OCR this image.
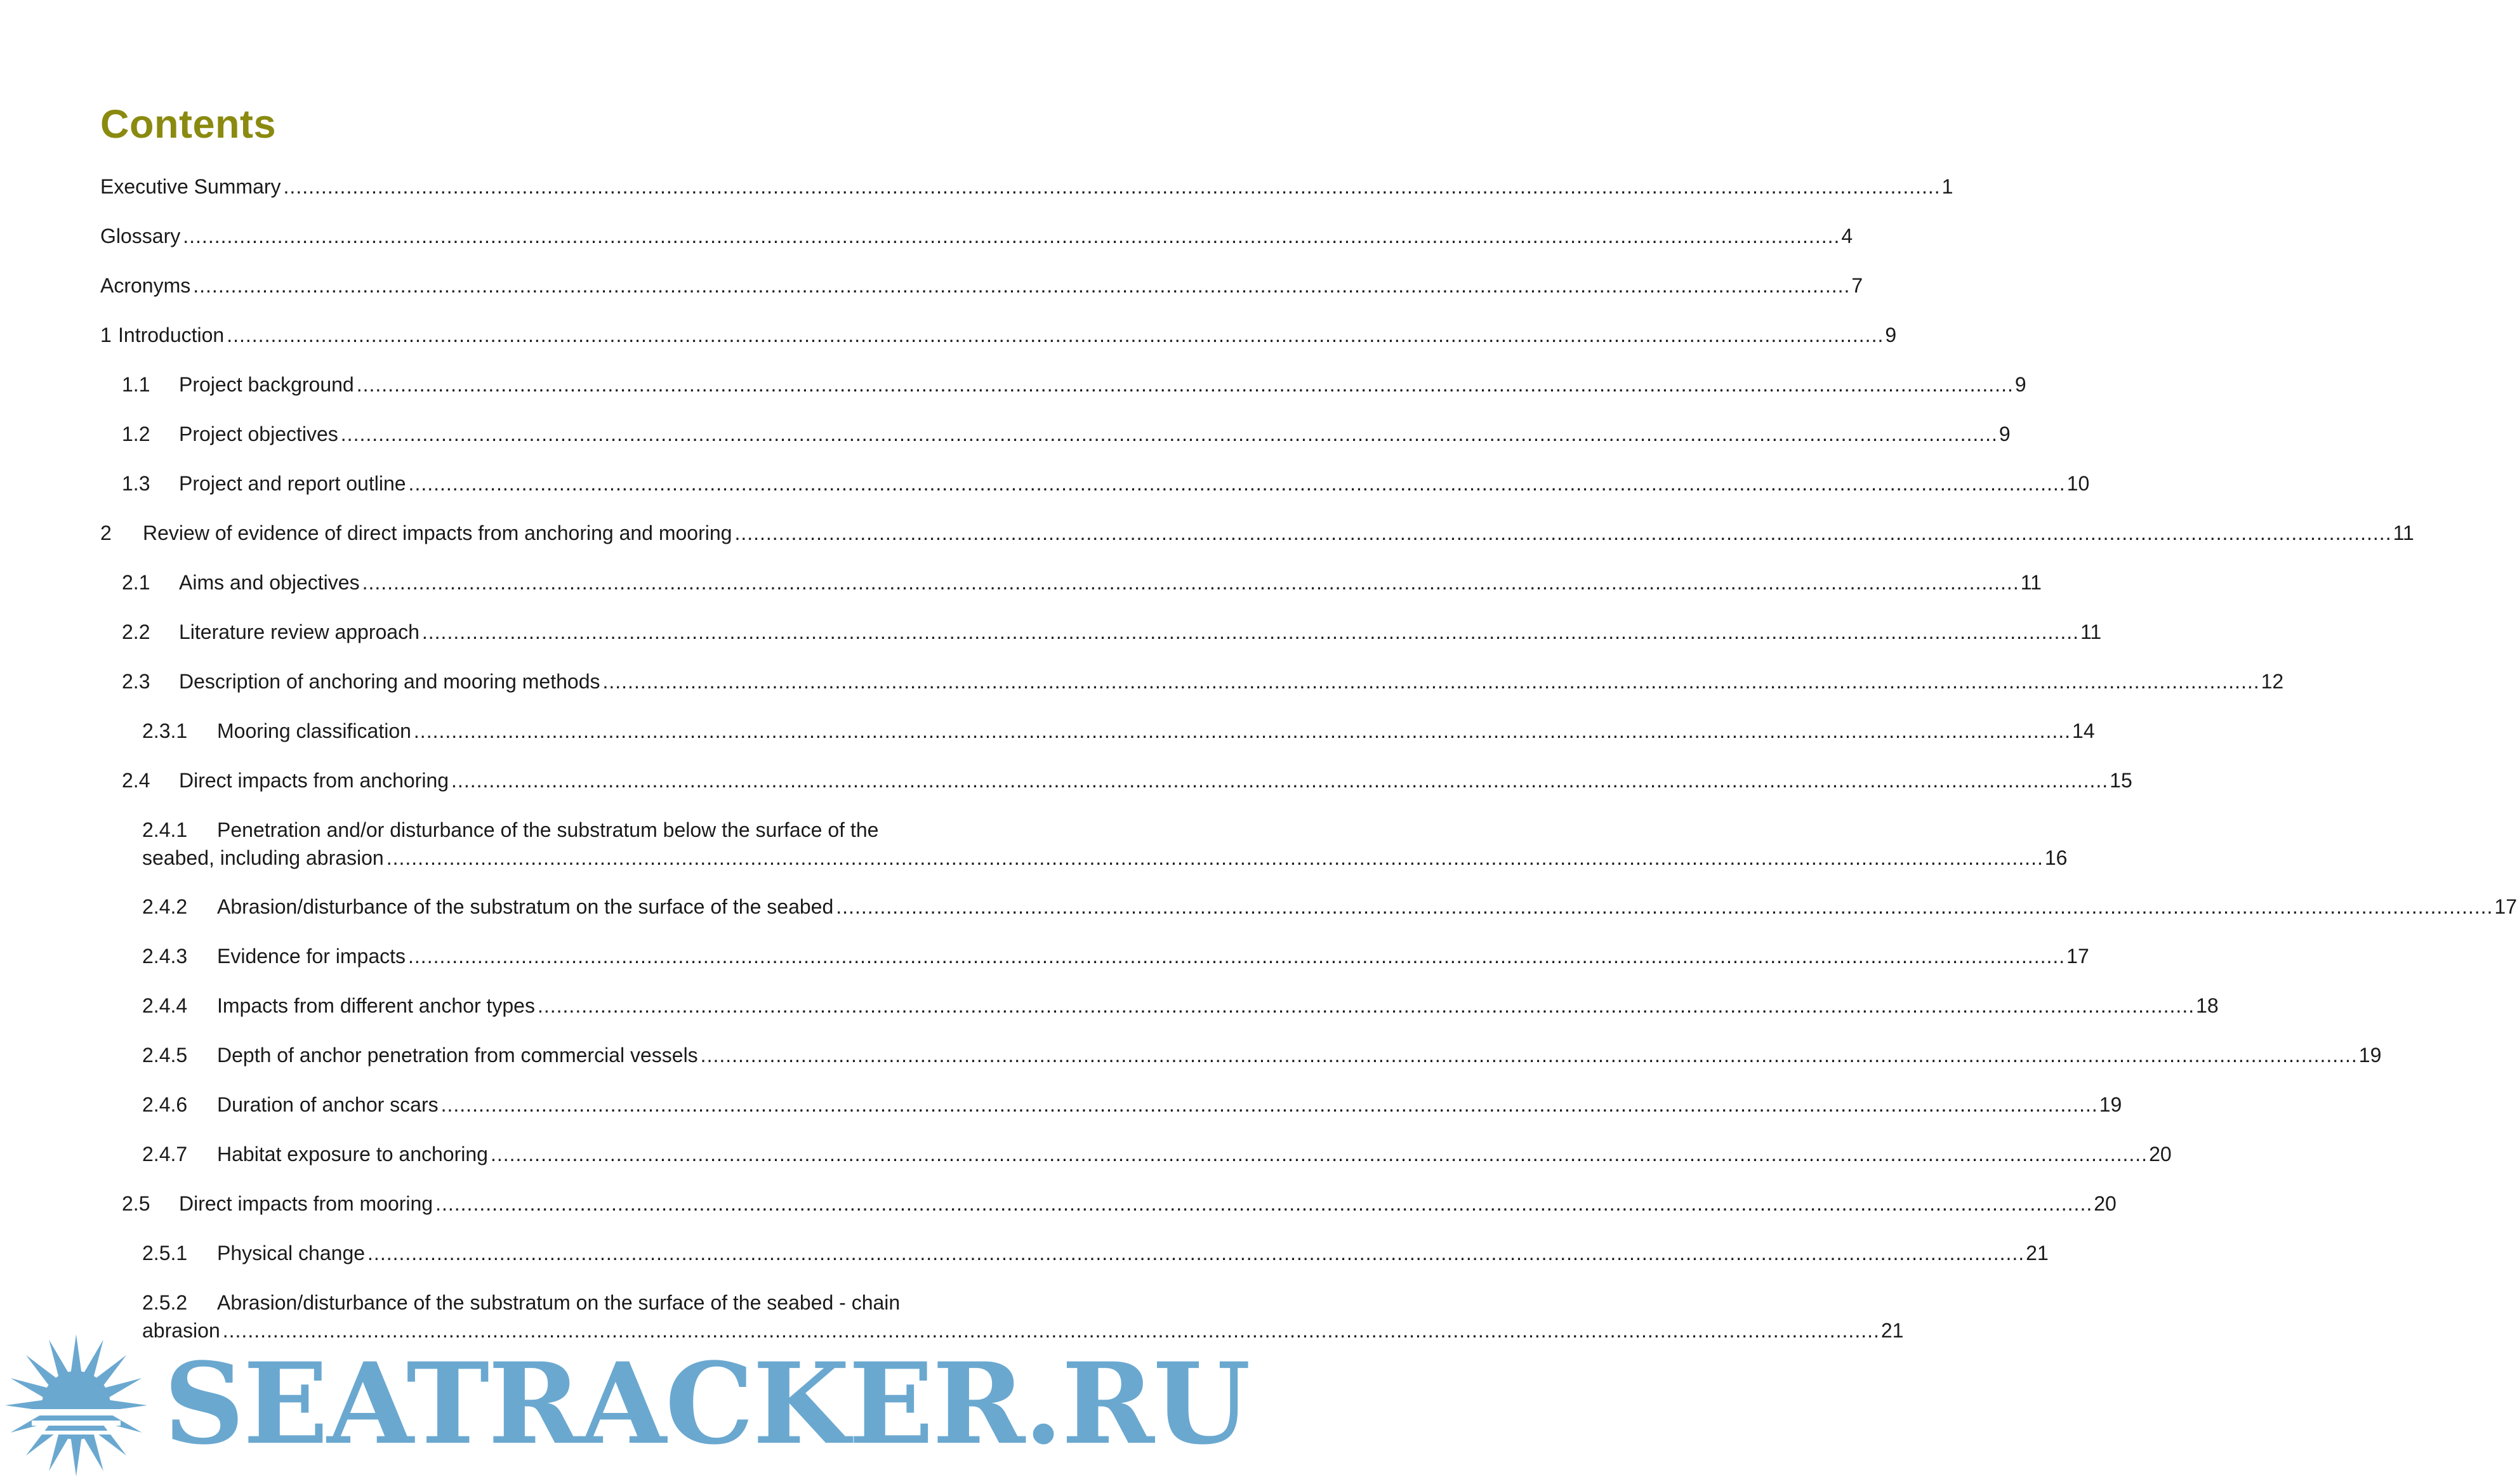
Contents
Executive Summary .....	1
Glossary .....	4
Acronyms .....	7
1 Introduction .....	9
1.1	Project background .....	9
1.2	Project objectives .....	9
1.3	Project and report outline .....	10
2	Review of evidence of direct impacts from anchoring and mooring .....	11
2.1	Aims and objectives .....	11
2.2	Literature review approach .....	11
2.3	Description of anchoring and mooring methods .....	12
2.3.1	Mooring classification .....	14
2.4	Direct impacts from anchoring .....	15
2.4.1 Penetration and/or disturbance of the substratum below the surface of the
seabed, including abrasion .....	16
2.4.2	Abrasion/disturbance of the substratum on the surface of the seabed .....	17
2.4.3	Evidence for impacts .....	17
2.4.4	Impacts from different anchor types .....	18
2.4.5	Depth of anchor penetration from commercial vessels .....	19
2.4.6	Duration of anchor scars .....	19
2.4.7	Habitat exposure to anchoring .....	20
2.5	Direct impacts from mooring .....	20
2.5.1	Physical change .....	21
2.5.2 Abrasion/disturbance of the substratum on the surface of the seabed - chain
abrasion .....	21
SEATRACKER.RU
